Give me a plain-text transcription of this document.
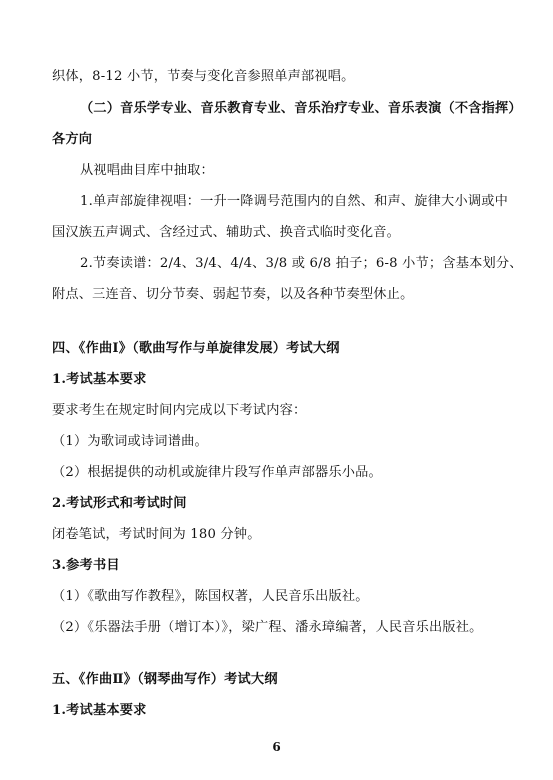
织体，8-12 小节，节奏与变化音参照单声部视唱。
（二）音乐学专业、音乐教育专业、音乐治疗专业、音乐表演（不含指挥）
各方向
从视唱曲目库中抽取：
1.单声部旋律视唱：一升一降调号范围内的自然、和声、旋律大小调或中
国汉族五声调式、含经过式、辅助式、换音式临时变化音。
2.节奏读谱：2/4、3/4、4/4、3/8 或 6/8 拍子；6-8 小节；含基本划分、
附点、三连音、切分节奏、弱起节奏，以及各种节奏型休止。
四、《作曲Ⅰ》（歌曲写作与单旋律发展）考试大纲
1.考试基本要求
要求考生在规定时间内完成以下考试内容：
（1）为歌词或诗词谱曲。
（2）根据提供的动机或旋律片段写作单声部器乐小品。
2.考试形式和考试时间
闭卷笔试，考试时间为 180 分钟。
3.参考书目
（1）《歌曲写作教程》，陈国权著，人民音乐出版社。
（2）《乐器法手册（增订本）》，梁广程、潘永璋编著，人民音乐出版社。
五、《作曲Ⅱ》（钢琴曲写作）考试大纲
1.考试基本要求
6
